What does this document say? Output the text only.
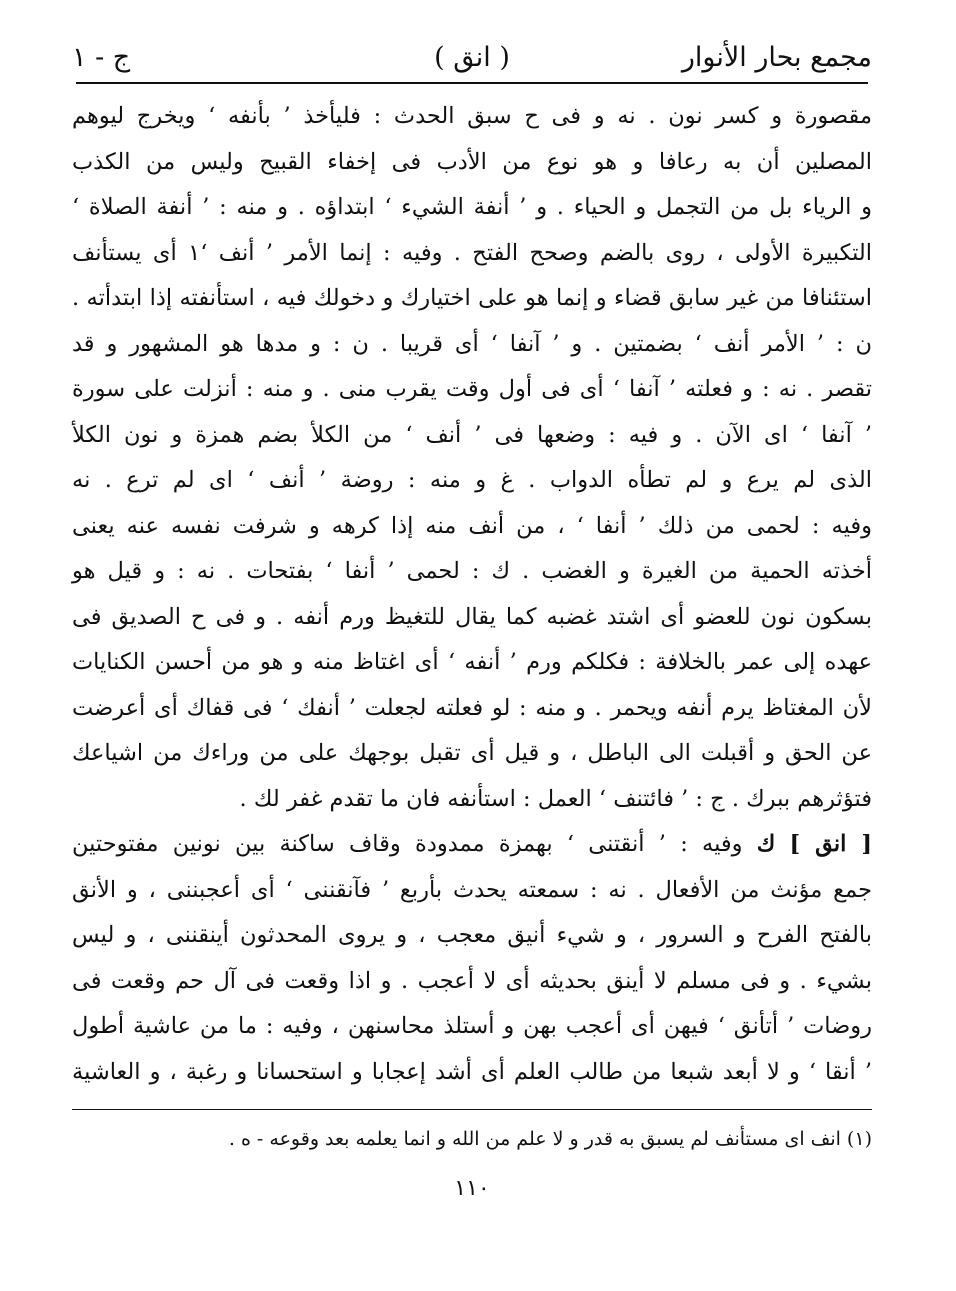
مجمع بحار الأنوار
( انق )
ج - ١
مقصورة و كسر نون . نه و فى ح سبق الحدث : فليأخذ ’ بأنفه ‘ ويخرج ليوهم
المصلين أن به رعافا و هو نوع من الأدب فى إخفاء القبيح وليس من الكذب
و الرياء بل من التجمل و الحياء . و ’ أنفة الشيء ‘ ابتداؤه . و منه : ’ أنفة الصلاة ‘
التكبيرة الأولى ، روى بالضم وصحح الفتح . وفيه : إنما الأمر ’ أنف ‘١ أى يستأنف
استئنافا من غير سابق قضاء و إنما هو على اختيارك و دخولك فيه ، استأنفته إذا ابتدأته .
ن : ’ الأمر أنف ‘ بضمتين . و ’ آنفا ‘ أى قريبا . ن : و مدها هو المشهور و قد
تقصر . نه : و فعلته ’ آنفا ‘ أى فى أول وقت يقرب منى . و منه : أنزلت على سورة
’ آنفا ‘ اى الآن . و فيه : وضعها فى ’ أنف ‘ من الكلأ بضم همزة و نون الكلأ
الذى لم يرع و لم تطأه الدواب . غ و منه : روضة ’ أنف ‘ اى لم ترع . نه
وفيه : لحمى من ذلك ’ أنفا ‘ ، من أنف منه إذا كرهه و شرفت نفسه عنه يعنى
أخذته الحمية من الغيرة و الغضب . ك : لحمى ’ أنفا ‘ بفتحات . نه : و قيل هو
بسكون نون للعضو أى اشتد غضبه كما يقال للتغيظ ورم أنفه . و فى ح الصديق فى
عهده إلى عمر بالخلافة : فكلكم ورم ’ أنفه ‘ أى اغتاظ منه و هو من أحسن الكنايات
لأن المغتاظ يرم أنفه ويحمر . و منه : لو فعلته لجعلت ’ أنفك ‘ فى قفاك أى أعرضت
عن الحق و أقبلت الى الباطل ، و قيل أى تقبل بوجهك على من وراءك من اشياعك
فتؤثرهم ببرك . ج : ’ فائتنف ‘ العمل : استأنفه فان ما تقدم غفر لك .
[ انق ] ك وفيه : ’ أنقتنى ‘ بهمزة ممدودة وقاف ساكنة بين نونين مفتوحتين
جمع مؤنث من الأفعال . نه : سمعته يحدث بأربع ’ فآنقننى ‘ أى أعجبننى ، و الأنق
بالفتح الفرح و السرور ، و شيء أنيق معجب ، و يروى المحدثون أينقننى ، و ليس
بشيء . و فى مسلم لا أينق بحديثه أى لا أعجب . و اذا وقعت فى آل حم وقعت فى
روضات ’ أتأنق ‘ فيهن أى أعجب بهن و أستلذ محاسنهن ، وفيه : ما من عاشية أطول
’ أنقا ‘ و لا أبعد شبعا من طالب العلم أى أشد إعجابا و استحسانا و رغبة ، و العاشية
(١) انف اى مستأنف لم يسبق به قدر و لا علم من الله و انما يعلمه بعد وقوعه - ه .
١١٠
